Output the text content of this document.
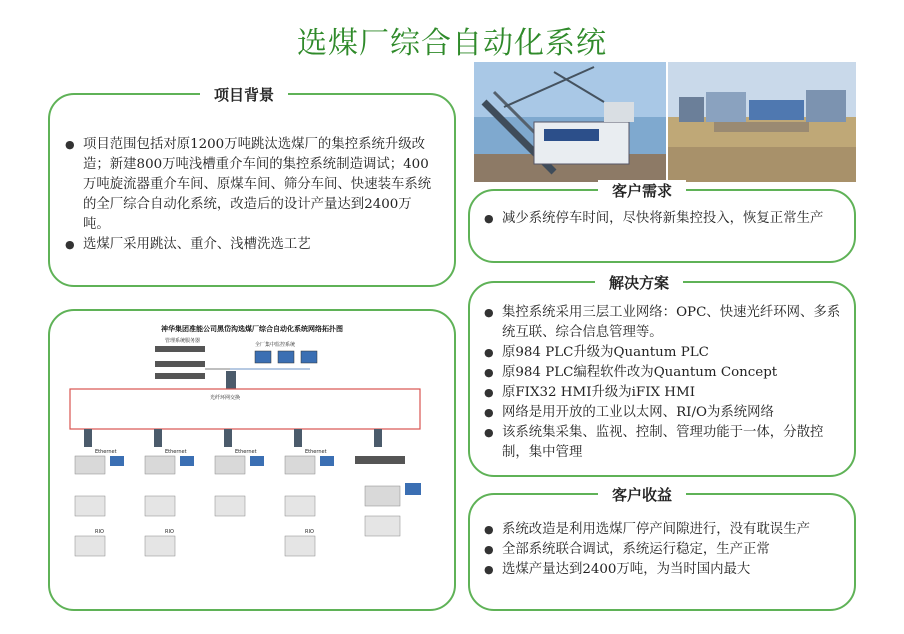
选煤厂综合自动化系统
项目背景
● 项目范围包括对原1200万吨跳汰选煤厂的集控系统升级改造；新建800万吨浅槽重介车间的集控系统制造调试；400万吨旋流器重介车间、原煤车间、筛分车间、快速装车系统的全厂综合自动化系统，改造后的设计产量达到2400万吨。
● 选煤厂采用跳汰、重介、浅槽洗选工艺
客户需求
● 减少系统停车时间，尽快将新集控投入，恢复正常生产
解决方案
● 集控系统采用三层工业网络：OPC、快速光纤环网、多系统互联、综合信息管理等。
● 原984 PLC升级为Quantum PLC
● 原984 PLC编程软件改为Quantum Concept
● 原FIX32 HMI升级为iFIX HMI
● 网络是用开放的工业以太网、RI/O为系统网络
● 该系统集采集、监视、控制、管理功能于一体，分散控制，集中管理
客户收益
● 系统改造是利用选煤厂停产间隙进行，没有耽误生产
● 全部系统联合调试，系统运行稳定，生产正常
● 选煤产量达到2400万吨，为当时国内最大
神华集团准能公司黑岱沟选煤厂综合自动化系统网络拓扑图
管理系统服务器
全厂集中监控系统
光纤环网交换
Ethernet	Ethernet	Ethernet	Ethernet
RIO	RIO	RIO
